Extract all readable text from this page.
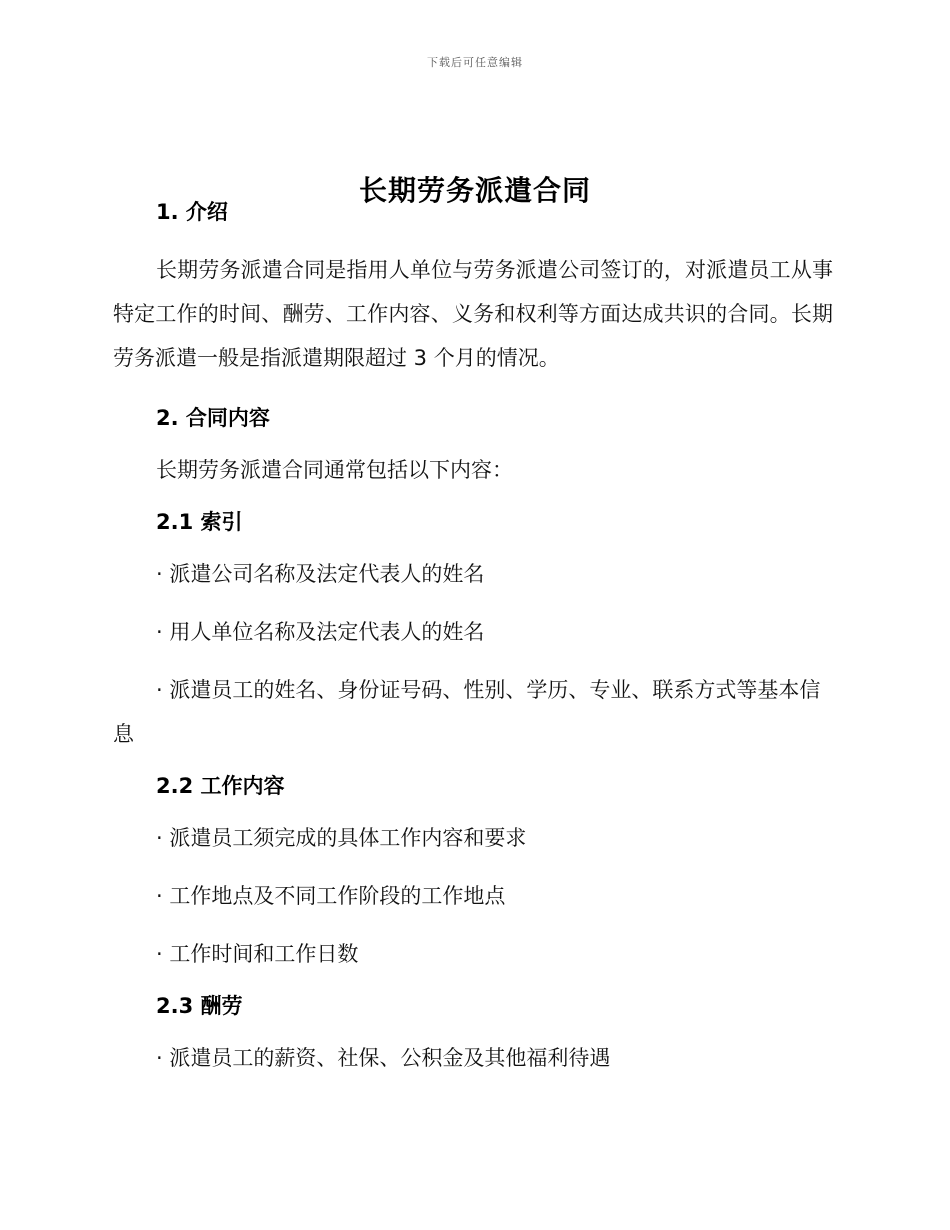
下载后可任意编辑
长期劳务派遣合同
1. 介绍

长期劳务派遣合同是指用人单位与劳务派遣公司签订的，对派遣员工从事特定工作的时间、酬劳、工作内容、义务和权利等方面达成共识的合同。长期劳务派遣一般是指派遣期限超过 3 个月的情况。

2. 合同内容

长期劳务派遣合同通常包括以下内容：

2.1 索引

· 派遣公司名称及法定代表人的姓名

· 用人单位名称及法定代表人的姓名

· 派遣员工的姓名、身份证号码、性别、学历、专业、联系方式等基本信息

2.2 工作内容

· 派遣员工须完成的具体工作内容和要求

· 工作地点及不同工作阶段的工作地点

· 工作时间和工作日数

2.3 酬劳

· 派遣员工的薪资、社保、公积金及其他福利待遇
